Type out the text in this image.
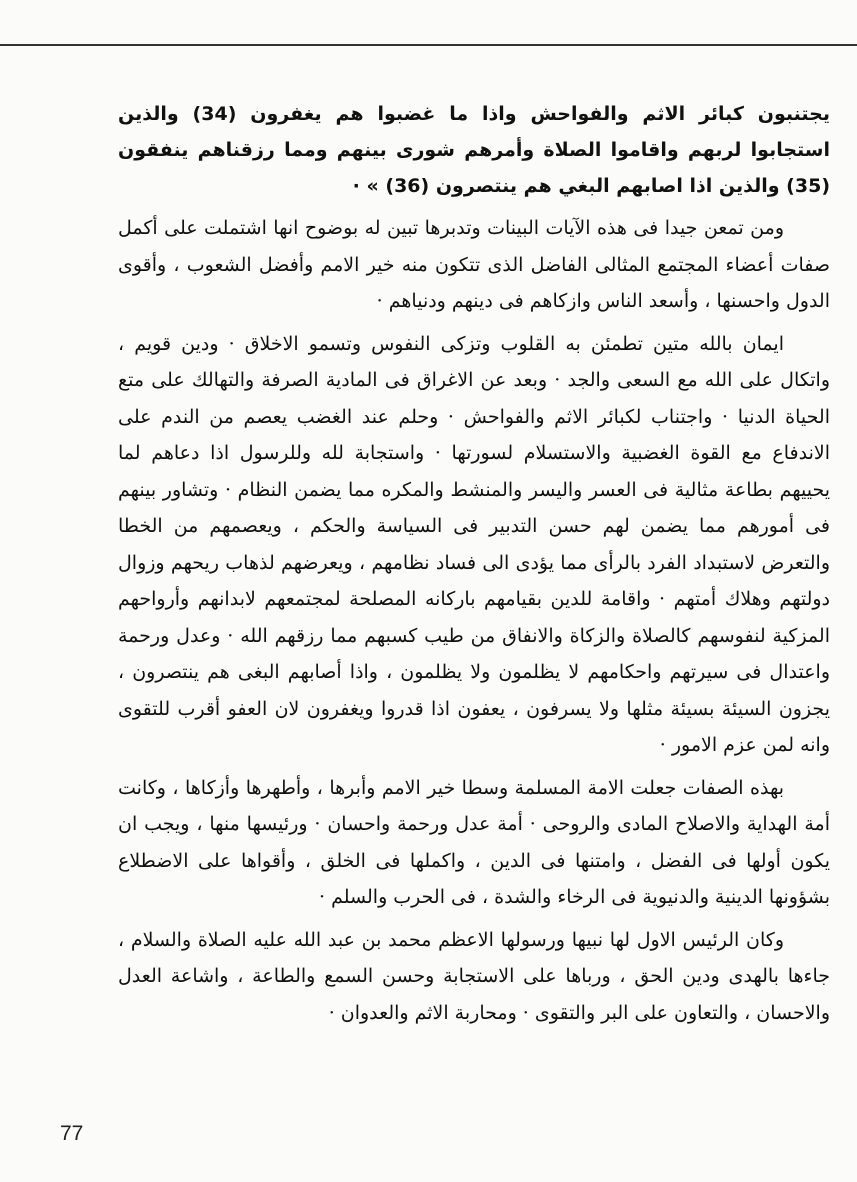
يجتنبون كبائر الاثم والفواحش واذا ما غضبوا هم يغفرون (34) والذين استجابوا لربهم واقاموا الصلاة وأمرهم شورى بينهم ومما رزقناهم ينفقون (35) والذين اذا اصابهم البغي هم ينتصرون (36) » ·

ومن تمعن جيدا فى هذه الآيات البينات وتدبرها تبين له بوضوح انها اشتملت على أكمل صفات أعضاء المجتمع المثالى الفاضل الذى تتكون منه خير الامم وأفضل الشعوب ، وأقوى الدول واحسنها ، وأسعد الناس وازكاهم فى دينهم ودنياهم ·

ايمان بالله متين تطمئن به القلوب وتزكى النفوس وتسمو الاخلاق · ودين قويم ، واتكال على الله مع السعى والجد · وبعد عن الاغراق فى المادية الصرفة والتهالك على متع الحياة الدنيا · واجتناب لكبائر الاثم والفواحش · وحلم عند الغضب يعصم من الندم على الاندفاع مع القوة الغضبية والاستسلام لسورتها · واستجابة لله وللرسول اذا دعاهم لما يحييهم بطاعة مثالية فى العسر واليسر والمنشط والمكره مما يضمن النظام · وتشاور بينهم فى أمورهم مما يضمن لهم حسن التدبير فى السياسة والحكم ، ويعصمهم من الخطا والتعرض لاستبداد الفرد بالرأى مما يؤدى الى فساد نظامهم ، ويعرضهم لذهاب ريحهم وزوال دولتهم وهلاك أمتهم · واقامة للدين بقيامهم باركانه المصلحة لمجتمعهم لابدانهم وأرواحهم المزكية لنفوسهم كالصلاة والزكاة والانفاق من طيب كسبهم مما رزقهم الله · وعدل ورحمة واعتدال فى سيرتهم واحكامهم لا يظلمون ولا يظلمون ، واذا أصابهم البغى هم ينتصرون ، يجزون السيئة بسيئة مثلها ولا يسرفون ، يعفون اذا قدروا ويغفرون لان العفو أقرب للتقوى وانه لمن عزم الامور ·

بهذه الصفات جعلت الامة المسلمة وسطا خير الامم وأبرها ، وأطهرها وأزكاها ، وكانت أمة الهداية والاصلاح المادى والروحى · أمة عدل ورحمة واحسان · ورئيسها منها ، ويجب ان يكون أولها فى الفضل ، وامتنها فى الدين ، واكملها فى الخلق ، وأقواها على الاضطلاع بشؤونها الدينية والدنيوية فى الرخاء والشدة ، فى الحرب والسلم ·

وكان الرئيس الاول لها نبيها ورسولها الاعظم محمد بن عبد الله عليه الصلاة والسلام ، جاءها بالهدى ودين الحق ، ورباها على الاستجابة وحسن السمع والطاعة ، واشاعة العدل والاحسان ، والتعاون على البر والتقوى · ومحاربة الاثم والعدوان ·

77
